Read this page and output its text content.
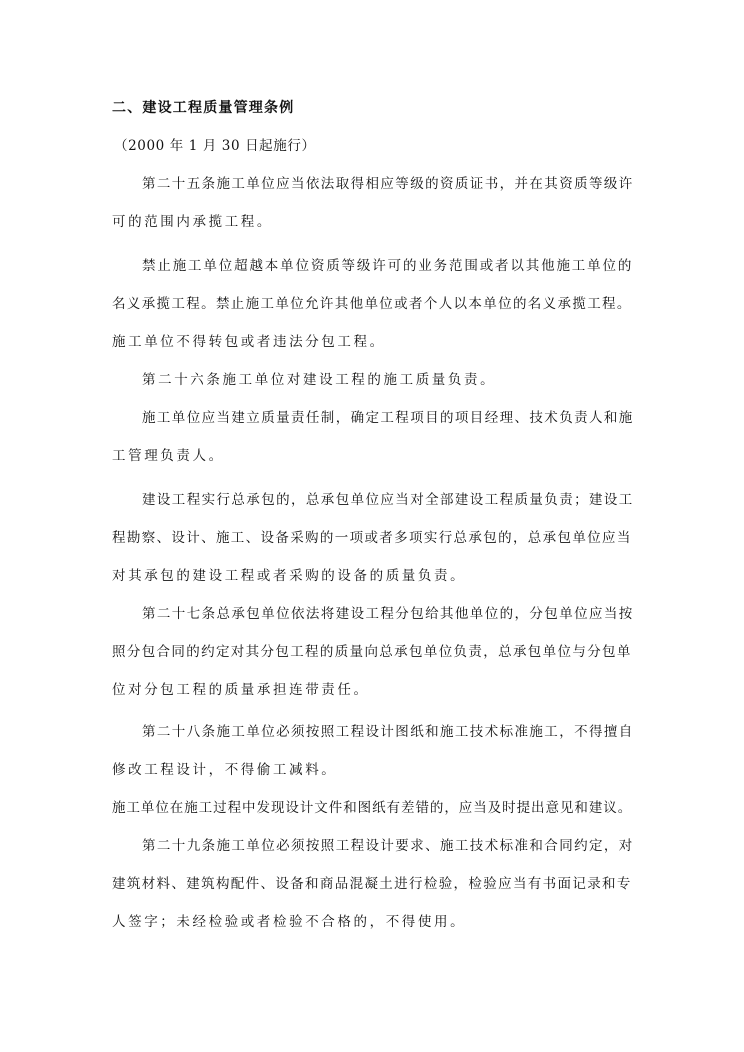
二、建设工程质量管理条例
（2000 年 1 月 30 日起施行）
第二十五条施工单位应当依法取得相应等级的资质证书，并在其资质等级许
可的范围内承揽工程。
禁止施工单位超越本单位资质等级许可的业务范围或者以其他施工单位的
名义承揽工程。禁止施工单位允许其他单位或者个人以本单位的名义承揽工程。
施工单位不得转包或者违法分包工程。
第二十六条施工单位对建设工程的施工质量负责。
施工单位应当建立质量责任制，确定工程项目的项目经理、技术负责人和施
工管理负责人。
建设工程实行总承包的，总承包单位应当对全部建设工程质量负责；建设工
程勘察、设计、施工、设备采购的一项或者多项实行总承包的，总承包单位应当
对其承包的建设工程或者采购的设备的质量负责。
第二十七条总承包单位依法将建设工程分包给其他单位的，分包单位应当按
照分包合同的约定对其分包工程的质量向总承包单位负责，总承包单位与分包单
位对分包工程的质量承担连带责任。
第二十八条施工单位必须按照工程设计图纸和施工技术标准施工，不得擅自
修改工程设计，不得偷工减料。
施工单位在施工过程中发现设计文件和图纸有差错的，应当及时提出意见和建议。
第二十九条施工单位必须按照工程设计要求、施工技术标准和合同约定，对
建筑材料、建筑构配件、设备和商品混凝土进行检验，检验应当有书面记录和专
人签字；未经检验或者检验不合格的，不得使用。
